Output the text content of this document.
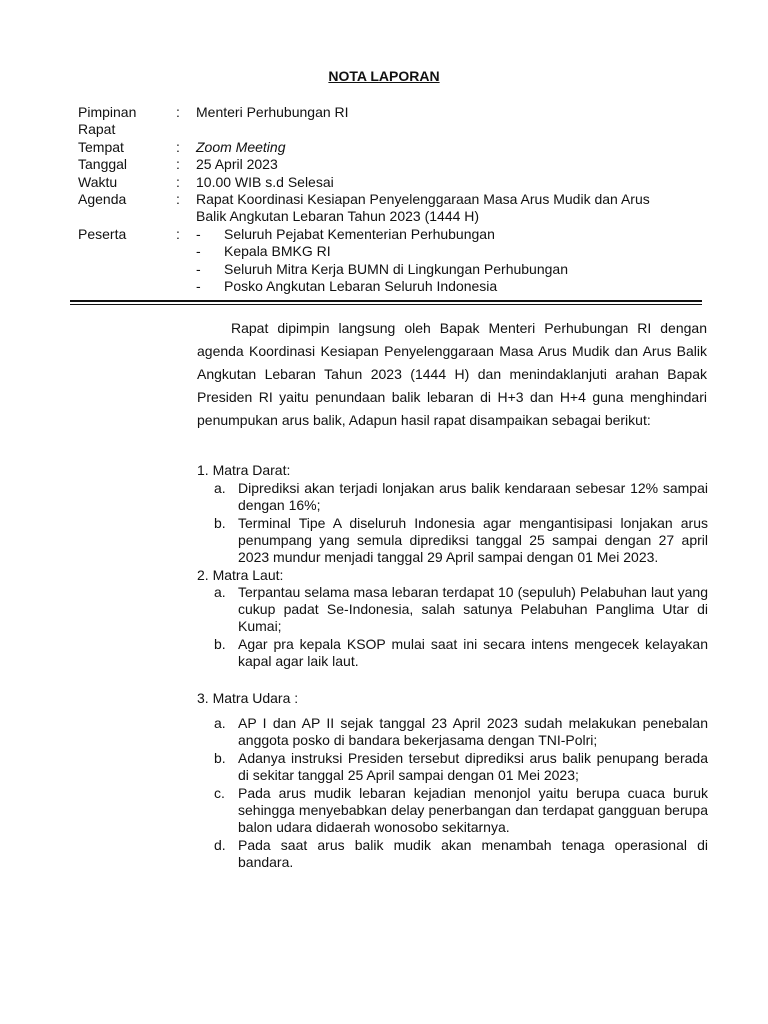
NOTA LAPORAN
Pimpinan
Rapat
: Menteri Perhubungan RI
Tempat	: Zoom Meeting
Tanggal	: 25 April 2023
Waktu	: 10.00 WIB s.d Selesai
Agenda	: Rapat Koordinasi Kesiapan Penyelenggaraan Masa Arus Mudik dan Arus
Balik Angkutan Lebaran Tahun 2023 (1444 H)
Peserta	: - Seluruh Pejabat Kementerian Perhubungan
- Kepala BMKG RI
- Seluruh Mitra Kerja BUMN di Lingkungan Perhubungan
- Posko Angkutan Lebaran Seluruh Indonesia
Rapat dipimpin langsung oleh Bapak Menteri Perhubungan RI dengan agenda Koordinasi Kesiapan Penyelenggaraan Masa Arus Mudik dan Arus Balik Angkutan Lebaran Tahun 2023 (1444 H) dan menindaklanjuti arahan Bapak Presiden RI yaitu penundaan balik lebaran di H+3 dan H+4 guna menghindari penumpukan arus balik, Adapun hasil rapat disampaikan sebagai berikut:
1. Matra Darat:
a. Diprediksi akan terjadi lonjakan arus balik kendaraan sebesar 12% sampai dengan 16%;
b. Terminal Tipe A diseluruh Indonesia agar mengantisipasi lonjakan arus penumpang yang semula diprediksi tanggal 25 sampai dengan 27 april 2023 mundur menjadi tanggal 29 April sampai dengan 01 Mei 2023.
2. Matra Laut:
a. Terpantau selama masa lebaran terdapat 10 (sepuluh) Pelabuhan laut yang cukup padat Se-Indonesia, salah satunya Pelabuhan Panglima Utar di Kumai;
b. Agar pra kepala KSOP mulai saat ini secara intens mengecek kelayakan kapal agar laik laut.
3. Matra Udara :
a. AP I dan AP II sejak tanggal 23 April 2023 sudah melakukan penebalan anggota posko di bandara bekerjasama dengan TNI-Polri;
b. Adanya instruksi Presiden tersebut diprediksi arus balik penupang berada di sekitar tanggal 25 April sampai dengan 01 Mei 2023;
c. Pada arus mudik lebaran kejadian menonjol yaitu berupa cuaca buruk sehingga menyebabkan delay penerbangan dan terdapat gangguan berupa balon udara didaerah wonosobo sekitarnya.
d. Pada saat arus balik mudik akan menambah tenaga operasional di bandara.
